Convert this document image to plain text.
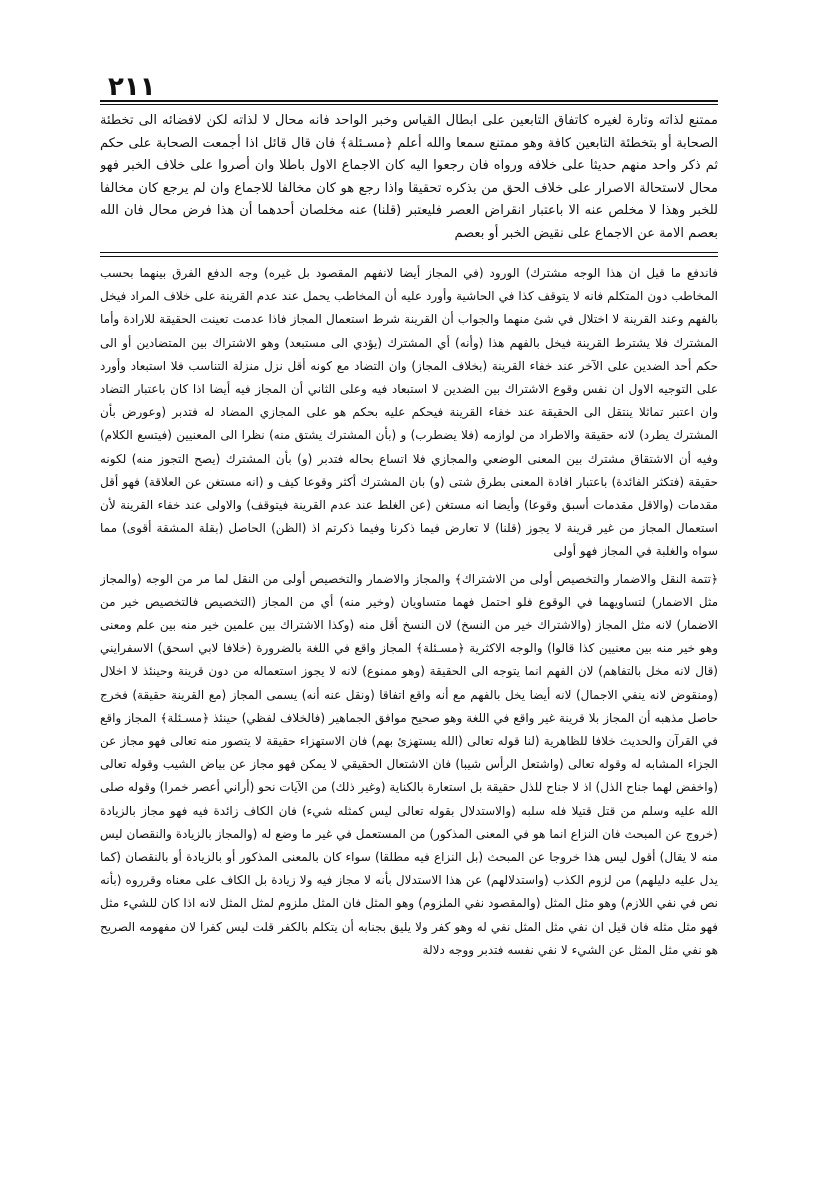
٢١١

ممتنع لذاته وتارة لغيره كاتفاق التابعين على ابطال القياس وخبر الواحد فانه محال لا لذاته لكن لافضائه الى تخطئة الصحابة أو بتخطئة التابعين كافة وهو ممتنع سمعا والله أعلم ﴿مسـئلة﴾ فان قال قائل اذا أجمعت الصحابة على حكم ثم ذكر واحد منهم حديثا على خلافه ورواه فان رجعوا اليه كان الاجماع الاول باطلا وان أصروا على خلاف الخبر فهو محال لاستحالة الاصرار على خلاف الحق من بذكره تحقيقا واذا رجع هو كان مخالفا للاجماع وان لم يرجع كان مخالفا للخبر وهذا لا مخلص عنه الا باعتبار انقراض العصر فليعتبر (قلنا) عنه مخلصان أحدهما أن هذا فرض محال فان الله بعصم الامة عن الاجماع على نقيض الخبر أو بعصم

فاندفع ما قيل ان هذا الوجه مشترك) الورود (في المجاز أيضا لانفهم المقصود بل غيره) وجه الدفع الفرق بينهما بحسب المخاطب دون المتكلم فانه لا يتوقف كذا في الحاشية وأورد عليه أن المخاطب يحمل عند عدم القرينة على خلاف المراد فيخل بالفهم وعند القرينة لا اختلال في شئ منهما والجواب أن القرينة شرط استعمال المجاز فاذا عدمت تعينت الحقيقة للارادة وأما المشترك فلا يشترط القرينة فيخل بالفهم هذا (وأنه) أي المشترك (يؤدي الى مستبعد) وهو الاشتراك بين المتضادين أو الى حكم أحد الضدين على الآخر عند خفاء القرينة (بخلاف المجاز) وان التضاد مع كونه أقل نزل منزلة التناسب فلا استبعاد وأورد على التوجيه الاول ان نفس وقوع الاشتراك بين الضدين لا استبعاد فيه وعلى الثاني أن المجاز فيه أيضا اذا كان باعتبار التضاد وان اعتبر تماثلا ينتقل الى الحقيقة عند خفاء القرينة فيحكم عليه بحكم هو على المجازي المضاد له فتدبر (وعورض بأن المشترك يطرد) لانه حقيقة والاطراد من لوازمه (فلا يضطرب) و (بأن المشترك يشتق منه) نظرا الى المعنيين (فيتسع الكلام) وفيه أن الاشتقاق مشترك بين المعنى الوضعي والمجازي فلا اتساع بحاله فتدبر (و) بأن المشترك (يصح التجوز منه) لكونه حقيقة (فتكثر الفائدة) باعتبار افادة المعنى بطرق شتى (و) بان المشترك أكثر وقوعا كيف و (انه مستغن عن العلاقة) فهو أقل مقدمات (والاقل مقدمات أسبق وقوعا) وأيضا انه مستغن (عن الغلط عند عدم القرينة فيتوقف) والاولى عند خفاء القرينة لأن استعمال المجاز من غير قرينة لا يجوز (قلنا) لا تعارض فيما ذكرنا وفيما ذكرتم اذ (الظن) الحاصل (بقلة المشقة أقوى) مما سواه والغلبة في المجاز فهو أولى

﴿تتمة النقل والاضمار والتخصيص أولى من الاشتراك﴾ والمجاز والاضمار والتخصيص أولى من النقل لما مر من الوجه (والمجاز مثل الاضمار) لتساويهما في الوقوع فلو احتمل فهما متساويان (وخير منه) أي من المجاز (التخصيص فالتخصيص خير من الاضمار) لانه مثل المجاز (والاشتراك خير من النسخ) لان النسخ أقل منه (وكذا الاشتراك بين علمين خير منه بين علم ومعنى وهو خير منه بين معنيين كذا قالوا) والوجه الاكثرية ﴿مسـئلة﴾ المجاز واقع في اللغة بالضرورة (خلافا لابي اسحق) الاسفرايني (قال لانه مخل بالتفاهم) لان الفهم انما يتوجه الى الحقيقة (وهو ممنوع) لانه لا يجوز استعماله من دون قرينة وحينئذ لا اخلال (ومنقوض لانه ينفي الاجمال) لانه أيضا يخل بالفهم مع أنه واقع اتفاقا (ونقل عنه أنه) يسمى المجاز (مع القرينة حقيقة) فخرج حاصل مذهبه أن المجاز بلا قرينة غير واقع في اللغة وهو صحيح موافق الجماهير (فالخلاف لفظي) حينئذ ﴿مسـئلة﴾ المجاز واقع في القرآن والحديث خلافا للظاهرية (لنا قوله تعالى (الله يستهزئ بهم) فان الاستهزاء حقيقة لا يتصور منه تعالى فهو مجاز عن الجزاء المشابه له وقوله تعالى (واشتعل الرأس شيبا) فان الاشتعال الحقيقي لا يمكن فهو مجاز عن بياض الشيب وقوله تعالى (واخفض لهما جناح الذل) اذ لا جناح للذل حقيقة بل استعارة بالكناية (وغير ذلك) من الآيات نحو (أراني أعصر خمرا) وقوله صلى الله عليه وسلم من قتل قتيلا فله سلبه (والاستدلال بقوله تعالى ليس كمثله شيء) فان الكاف زائدة فيه فهو مجاز بالزيادة (خروج عن المبحث فان النزاع انما هو في المعنى المذكور) من المستعمل في غير ما وضع له (والمجاز بالزيادة والنقصان ليس منه لا يقال) أقول ليس هذا خروجا عن المبحث (بل النزاع فيه مطلقا) سواء كان بالمعنى المذكور أو بالزيادة أو بالنقصان (كما يدل عليه دليلهم) من لزوم الكذب (واستدلالهم) عن هذا الاستدلال بأنه لا مجاز فيه ولا زيادة بل الكاف على معناه وقرروه (بأنه نص في نفي اللازم) وهو مثل المثل (والمقصود نفي الملزوم) وهو المثل فان المثل ملزوم لمثل المثل لانه اذا كان للشيء مثل فهو مثل مثله فان قيل ان نفي مثل المثل نفي له وهو كفر ولا يليق بجنابه أن يتكلم بالكفر قلت ليس كفرا لان مفهومه الصريح هو نفي مثل المثل عن الشيء لا نفي نفسه فتدبر ووجه دلالة
